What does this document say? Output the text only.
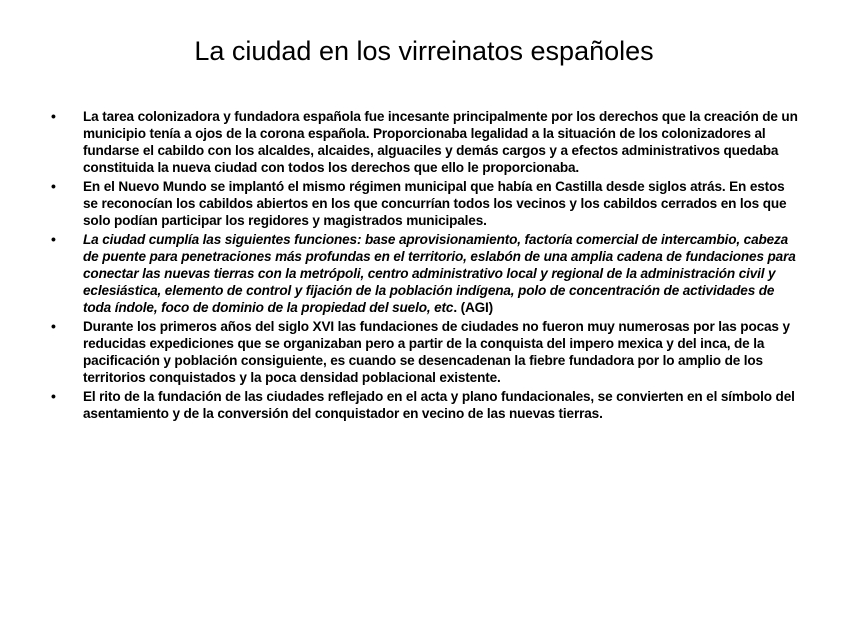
La ciudad en los virreinatos españoles
•	La tarea colonizadora y fundadora española fue incesante principalmente por los derechos que la creación de un municipio tenía a ojos de la corona española. Proporcionaba legalidad a la situación de los colonizadores al fundarse el cabildo con los alcaldes, alcaides, alguaciles y demás cargos y a efectos administrativos quedaba constituida la nueva ciudad con todos los derechos que ello le proporcionaba.
•	En el Nuevo Mundo se implantó el mismo régimen municipal que había en Castilla desde siglos atrás. En estos se reconocían los cabildos abiertos en los que concurrían todos los vecinos y los cabildos cerrados en los que solo podían participar los regidores y magistrados municipales.
•	La ciudad cumplía las siguientes funciones: base aprovisionamiento, factoría comercial de intercambio, cabeza de puente para penetraciones más profundas en el territorio, eslabón de una amplia cadena de fundaciones para conectar las nuevas tierras con la metrópoli, centro administrativo local y regional de la administración civil y eclesiástica, elemento de control y fijación de la población indígena, polo de concentración de actividades de toda índole, foco de dominio de la propiedad del suelo, etc. (AGI)
•	Durante los primeros años del siglo XVI las fundaciones de ciudades no fueron muy numerosas por las pocas y reducidas expediciones que se organizaban pero a partir de la conquista del impero mexica y del inca, de la pacificación y población consiguiente, es cuando se desencadenan la fiebre fundadora por lo amplio de los territorios conquistados y la poca densidad poblacional existente.
•	El rito de la fundación de las ciudades reflejado en el acta y plano fundacionales, se convierten en el símbolo del asentamiento y de la conversión del conquistador en vecino de las nuevas tierras.
